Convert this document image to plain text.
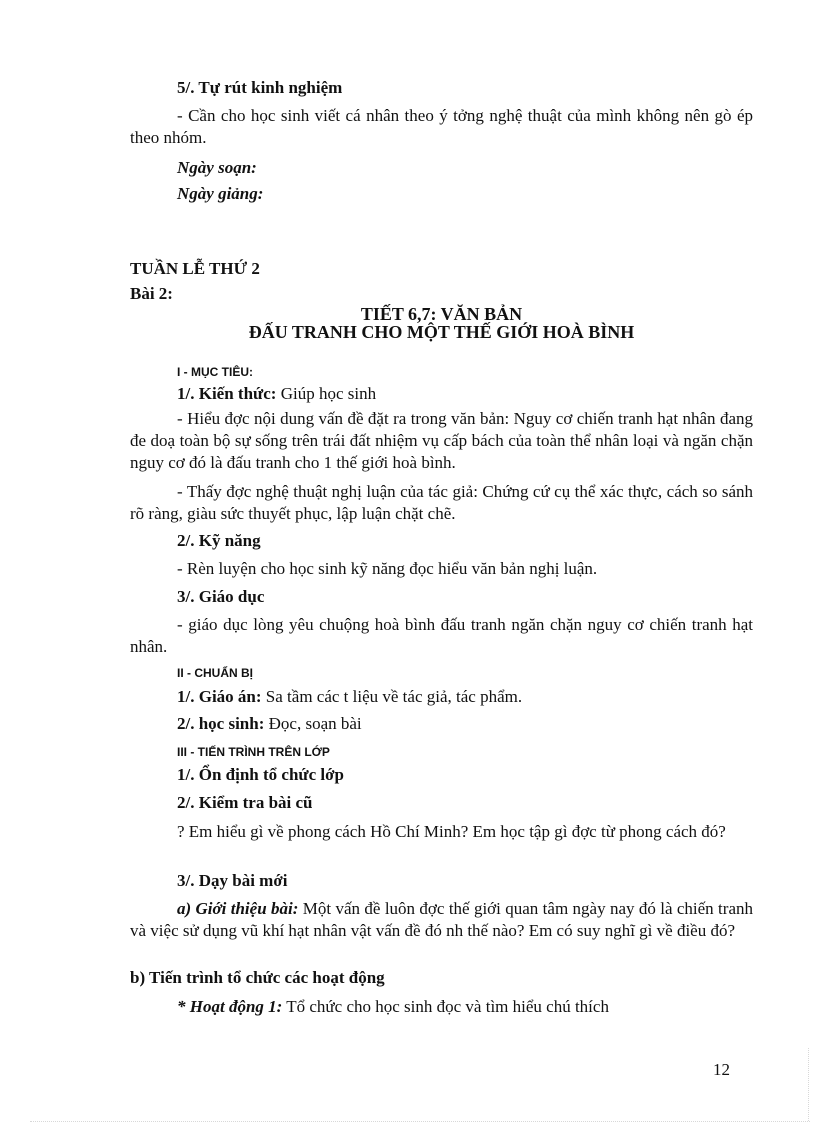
5/. Tự rút kinh nghiệm

- Cần cho học sinh viết cá nhân theo ý tởng nghệ thuật của mình không nên gò ép theo nhóm.

Ngày soạn:

Ngày giảng:

TUẦN LỄ THỨ 2

Bài 2:

TIẾT 6,7: VĂN BẢN

ĐẤU TRANH CHO MỘT THẾ GIỚI HOÀ BÌNH

I - MỤC TIÊU:

1/. Kiến thức: Giúp học sinh

- Hiểu đợc nội dung vấn đề đặt ra trong văn bản: Nguy cơ chiến tranh hạt nhân đang đe doạ toàn bộ sự sống trên trái đất nhiệm vụ cấp bách của toàn thể nhân loại và ngăn chặn nguy cơ đó là đấu tranh cho 1 thế giới hoà bình.

- Thấy đợc nghệ thuật nghị luận của tác giả: Chứng cứ cụ thể xác thực, cách so sánh rõ ràng, giàu sức thuyết phục, lập luận chặt chẽ.

2/. Kỹ năng

- Rèn luyện cho học sinh kỹ năng đọc hiểu văn bản nghị luận.

3/. Giáo dục

- giáo dục lòng yêu chuộng hoà bình đấu tranh ngăn chặn nguy cơ chiến tranh hạt nhân.

II - CHUẨN BỊ

1/. Giáo án: Sa tầm các t liệu về tác giả, tác phẩm.

2/. học sinh: Đọc, soạn bài

III - TIẾN TRÌNH TRÊN LỚP

1/. Ổn định tổ chức lớp

2/. Kiểm tra bài cũ

? Em hiểu gì về phong cách Hồ Chí Minh? Em học tập gì đợc từ phong cách đó?

3/. Dạy bài mới

a) Giới thiệu bài: Một vấn đề luôn đợc thế giới quan tâm ngày nay đó là chiến tranh và việc sử dụng vũ khí hạt nhân vật vấn đề đó nh thế nào? Em có suy nghĩ gì về điều đó?

b) Tiến trình tổ chức các hoạt động

* Hoạt động 1: Tổ chức cho học sinh đọc và tìm hiểu chú thích

12
